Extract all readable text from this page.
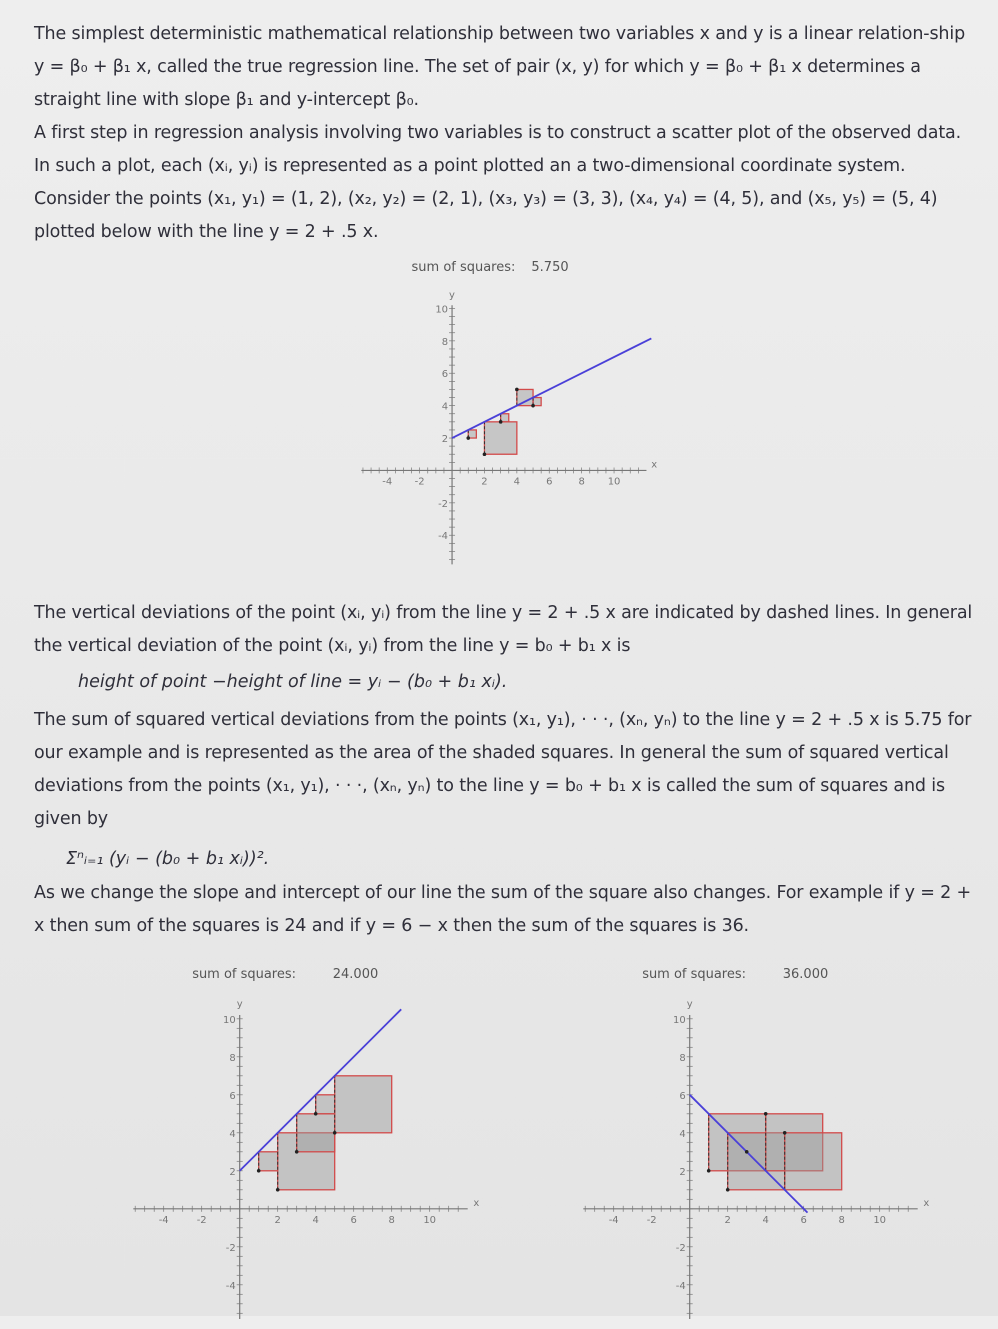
The simplest deterministic mathematical relationship between two variables x and y is a linear relation-ship y = β₀ + β₁ x, called the true regression line. The set of pair (x, y) for which y = β₀ + β₁ x determines a straight line with slope β₁ and y-intercept β₀.

A first step in regression analysis involving two variables is to construct a scatter plot of the observed data. In such a plot, each (xᵢ, yᵢ) is represented as a point plotted an a two-dimensional coordinate system. Consider the points (x₁, y₁) = (1, 2), (x₂, y₂) = (2, 1), (x₃, y₃) = (3, 3), (x₄, y₄) = (4, 5), and (x₅, y₅) = (5, 4) plotted below with the line y = 2 + .5 x.

sum of squares: 5.750
-4 -2	2	4	6	8 10
10
8
6
4
2
-2
-4
x
y

The vertical deviations of the point (xᵢ, yᵢ) from the line y = 2 + .5 x are indicated by dashed lines. In general the vertical deviation of the point (xᵢ, yᵢ) from the line y = b₀ + b₁ x is

height of point −height of line = yᵢ − (b₀ + b₁ xᵢ).

The sum of squared vertical deviations from the points (x₁, y₁), · · ·, (xₙ, yₙ) to the line y = 2 + .5 x is 5.75 for our example and is represented as the area of the shaded squares. In general the sum of squared vertical deviations from the points (x₁, y₁), · · ·, (xₙ, yₙ) to the line y = b₀ + b₁ x is called the sum of squares and is given by

Σⁿᵢ₌₁ (yᵢ − (b₀ + b₁ xᵢ))².

As we change the slope and intercept of our line the sum of the square also changes. For example if y = 2 + x then sum of the squares is 24 and if y = 6 − x then the sum of the squares is 36.

sum of squares:	24.000
-4	-2	2	4	6	8	10
10
8
6
4
2
-2
-4
x
y
sum of squares:	36.000
-4	-2	2	4	6	8	10
10
8
6
4
2
-2
-4
x
y
